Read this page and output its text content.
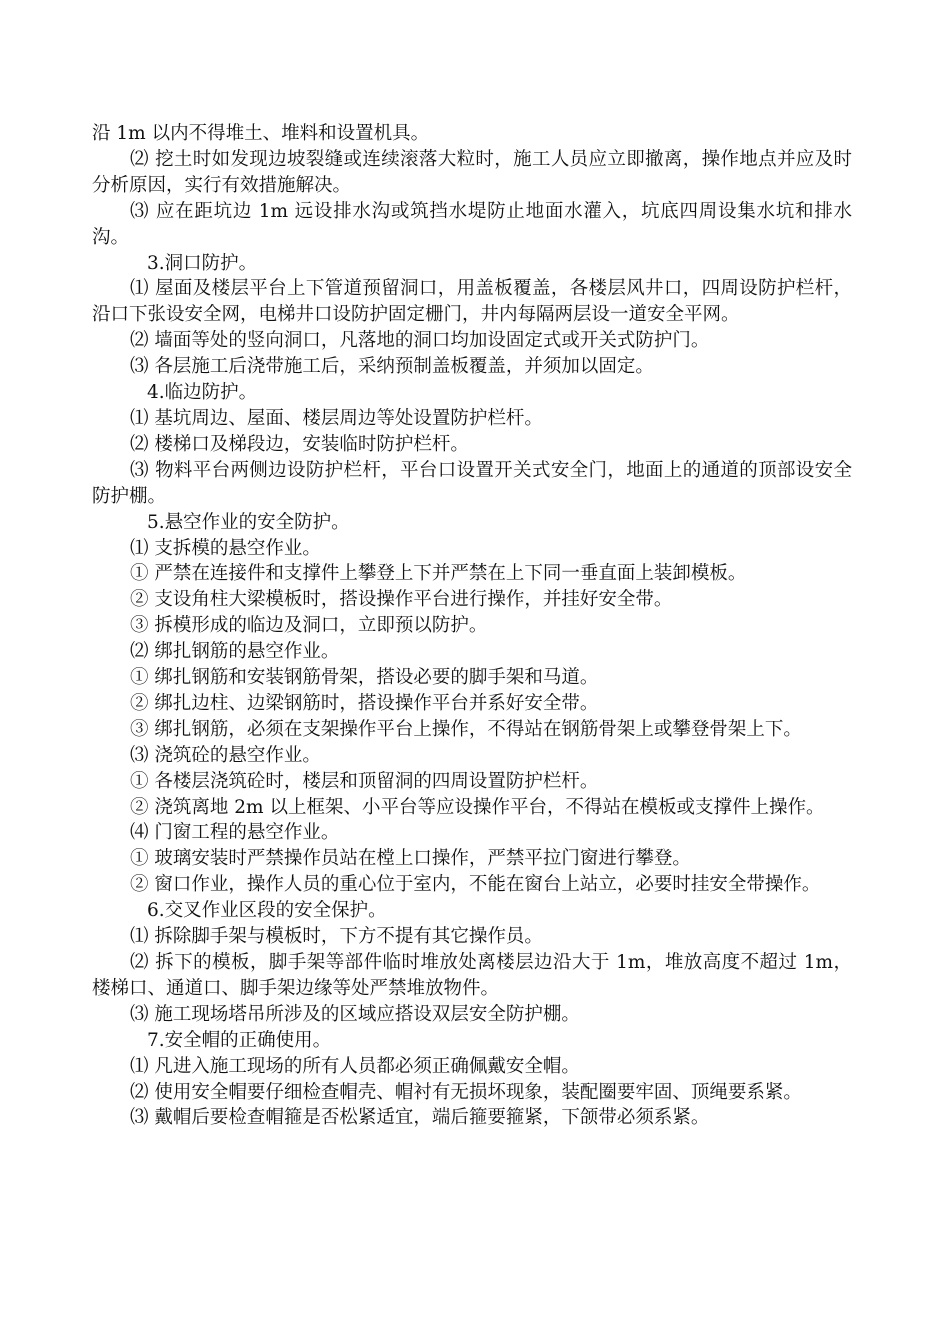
沿 1m 以内不得堆土、堆料和设置机具。

⑵ 挖土时如发现边坡裂缝或连续滚落大粒时，施工人员应立即撤离，操作地点并应及时分析原因，实行有效措施解决。

⑶ 应在距坑边 1m 远设排水沟或筑挡水堤防止地面水灌入，坑底四周设集水坑和排水沟。

3.洞口防护。

⑴ 屋面及楼层平台上下管道预留洞口，用盖板覆盖，各楼层风井口，四周设防护栏杆，沿口下张设安全网，电梯井口设防护固定栅门，井内每隔两层设一道安全平网。

⑵ 墙面等处的竖向洞口，凡落地的洞口均加设固定式或开关式防护门。

⑶ 各层施工后浇带施工后，采纳预制盖板覆盖，并须加以固定。

4.临边防护。

⑴ 基坑周边、屋面、楼层周边等处设置防护栏杆。

⑵ 楼梯口及梯段边，安装临时防护栏杆。

⑶ 物料平台两侧边设防护栏杆，平台口设置开关式安全门，地面上的通道的顶部设安全防护棚。

5.悬空作业的安全防护。

⑴ 支拆模的悬空作业。

① 严禁在连接件和支撑件上攀登上下并严禁在上下同一垂直面上装卸模板。

② 支设角柱大梁模板时，搭设操作平台进行操作，并挂好安全带。

③ 拆模形成的临边及洞口，立即预以防护。

⑵ 绑扎钢筋的悬空作业。

① 绑扎钢筋和安装钢筋骨架，搭设必要的脚手架和马道。

② 绑扎边柱、边梁钢筋时，搭设操作平台并系好安全带。

③ 绑扎钢筋，必须在支架操作平台上操作，不得站在钢筋骨架上或攀登骨架上下。

⑶ 浇筑砼的悬空作业。

① 各楼层浇筑砼时，楼层和顶留洞的四周设置防护栏杆。

② 浇筑离地 2m 以上框架、小平台等应设操作平台，不得站在模板或支撑件上操作。

⑷ 门窗工程的悬空作业。

① 玻璃安装时严禁操作员站在樘上口操作，严禁平拉门窗进行攀登。

② 窗口作业，操作人员的重心位于室内，不能在窗台上站立，必要时挂安全带操作。

6.交叉作业区段的安全保护。

⑴ 拆除脚手架与模板时，下方不提有其它操作员。

⑵ 拆下的模板，脚手架等部件临时堆放处离楼层边沿大于 1m，堆放高度不超过 1m，楼梯口、通道口、脚手架边缘等处严禁堆放物件。

⑶ 施工现场塔吊所涉及的区域应搭设双层安全防护棚。

7.安全帽的正确使用。

⑴ 凡进入施工现场的所有人员都必须正确佩戴安全帽。

⑵ 使用安全帽要仔细检查帽壳、帽衬有无损坏现象，装配圈要牢固、顶绳要系紧。

⑶ 戴帽后要检查帽箍是否松紧适宜，端后箍要箍紧，下颌带必须系紧。
